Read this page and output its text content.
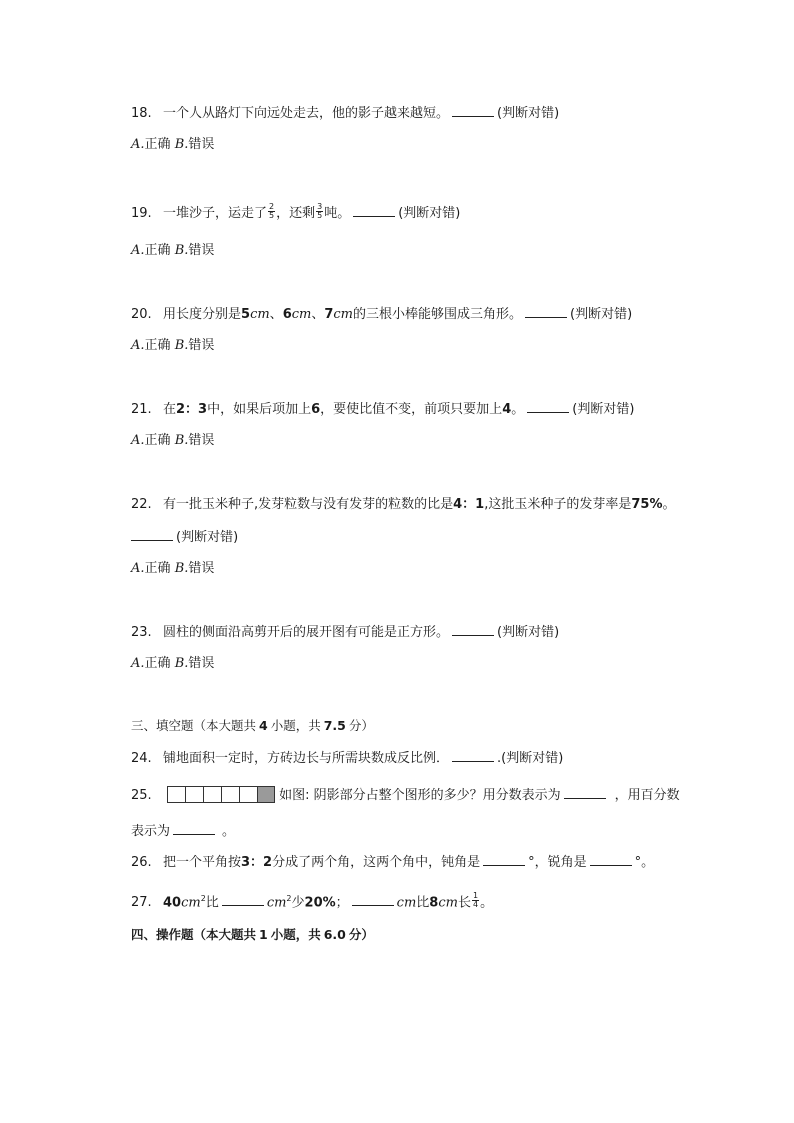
18. 一个人从路灯下向远处走去，他的影子越来越短。	(判断对错)
A.正确 B.错误
19. 一堆沙子，运走了 $\frac{2}{5}$ ，还剩 $\frac{3}{5}$ 吨。	(判断对错)
A.正确 B.错误
20. 用长度分别是5cm、6cm、7cm的三根小棒能够围成三角形。	(判断对错)
A.正确 B.错误
21. 在2：3中，如果后项加上6，要使比值不变，前项只要加上4。	(判断对错)
A.正确 B.错误
22. 有一批玉米种子,发芽粒数与没有发芽的粒数的比是4：1,这批玉米种子的发芽率是75%。
(判断对错)
A.正确 B.错误
23. 圆柱的侧面沿高剪开后的展开图有可能是正方形。	(判断对错)
A.正确 B.错误
三、填空题（本大题共 4 小题，共 7.5 分）
24. 铺地面积一定时，方砖边长与所需块数成反比例．	.(判断对错)
25.	如图: 阴影部分占整个图形的多少？用分数表示为	，用百分数
表示为	。
26. 把一个平角按3：2分成了两个角，这两个角中，钝角是	°，锐角是	°。
27. $40cm^2$比	$cm^2$少20%；	cm比8cm长 $\frac{1}{4}$ 。
四、操作题（本大题共 1 小题，共 6.0 分）
